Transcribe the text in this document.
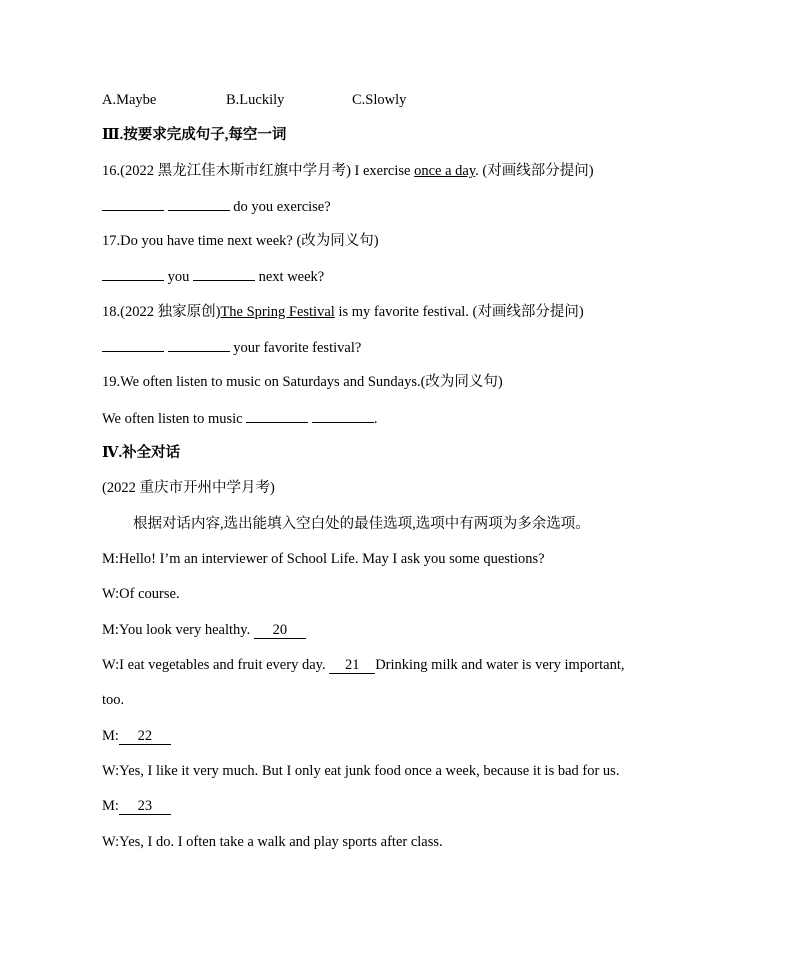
A.Maybe	B.Luckily	C.Slowly
Ⅲ.按要求完成句子,每空一词
16.(2022 黑龙江佳木斯市红旗中学月考) I exercise once a day. (对画线部分提问)
do you exercise?
17.Do you have time next week? (改为同义句)
you	next week?
18.(2022 独家原创)The Spring Festival is my favorite festival. (对画线部分提问)
your favorite festival?
19.We often listen to music on Saturdays and Sundays.(改为同义句)
We often listen to music	.
Ⅳ.补全对话
(2022 重庆市开州中学月考)
根据对话内容,选出能填入空白处的最佳选项,选项中有两项为多余选项。
M:Hello! I’m an interviewer of School Life. May I ask you some questions?
W:Of course.
M:You look very healthy. 20
W:I eat vegetables and fruit every day. 21 Drinking milk and water is very important,
too.
M: 22
W:Yes, I like it very much. But I only eat junk food once a week, because it is bad for us.
M: 23
W:Yes, I do. I often take a walk and play sports after class.
